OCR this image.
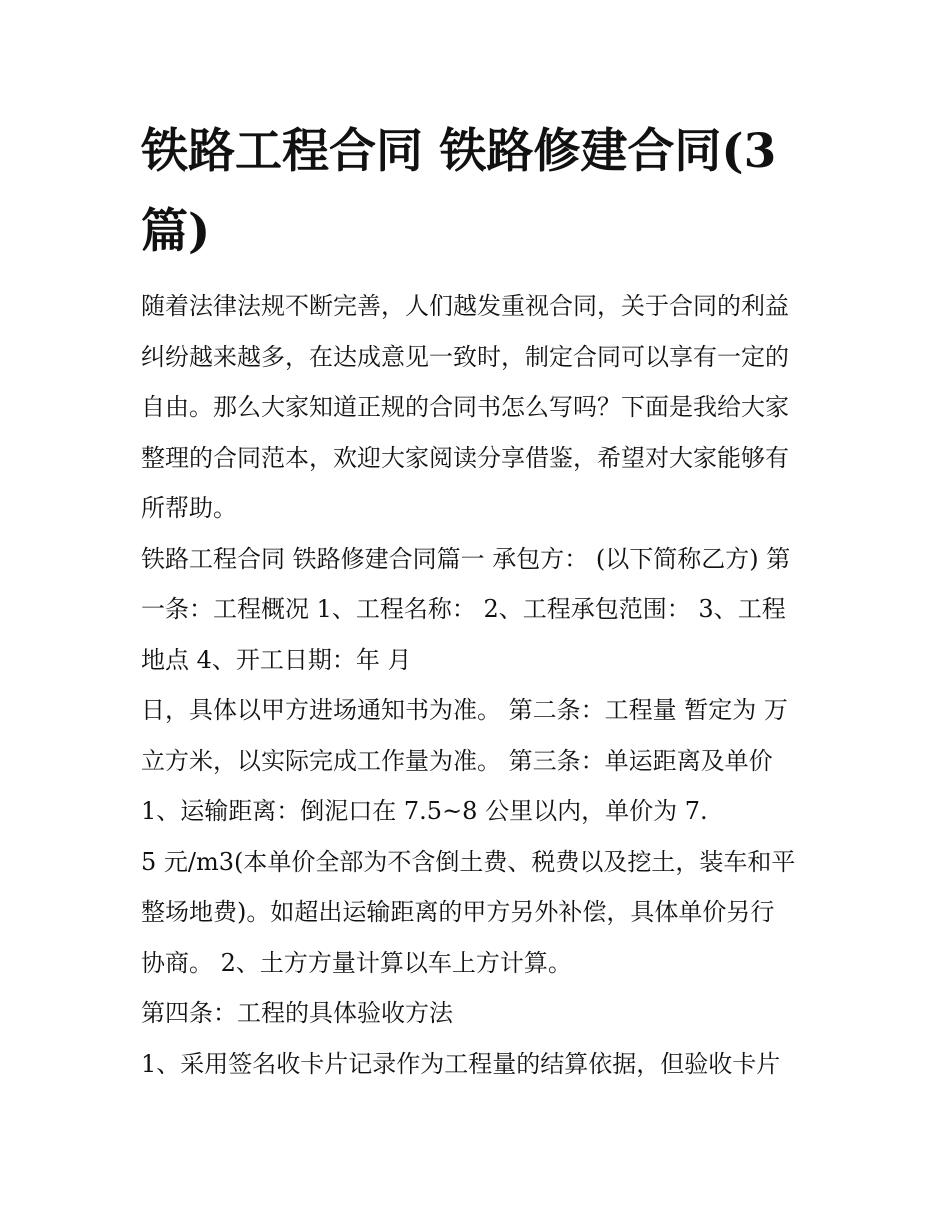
铁路工程合同 铁路修建合同(3
篇)

随着法律法规不断完善，人们越发重视合同，关于合同的利益
纠纷越来越多，在达成意见一致时，制定合同可以享有一定的
自由。那么大家知道正规的合同书怎么写吗？下面是我给大家
整理的合同范本，欢迎大家阅读分享借鉴，希望对大家能够有
所帮助。

铁路工程合同 铁路修建合同篇一 承包方： (以下简称乙方) 第
一条：工程概况 1、工程名称： 2、工程承包范围： 3、工程
地点 4、开工日期：年 月
日，具体以甲方进场通知书为准。 第二条：工程量 暂定为 万
立方米，以实际完成工作量为准。 第三条：单运距离及单价
1、运输距离：倒泥口在 7.5~8 公里以内，单价为 7.
5 元/m3(本单价全部为不含倒土费、税费以及挖土，装车和平
整场地费)。如超出运输距离的甲方另外补偿，具体单价另行
协商。 2、土方方量计算以车上方计算。
第四条：工程的具体验收方法
1、采用签名收卡片记录作为工程量的结算依据，但验收卡片
